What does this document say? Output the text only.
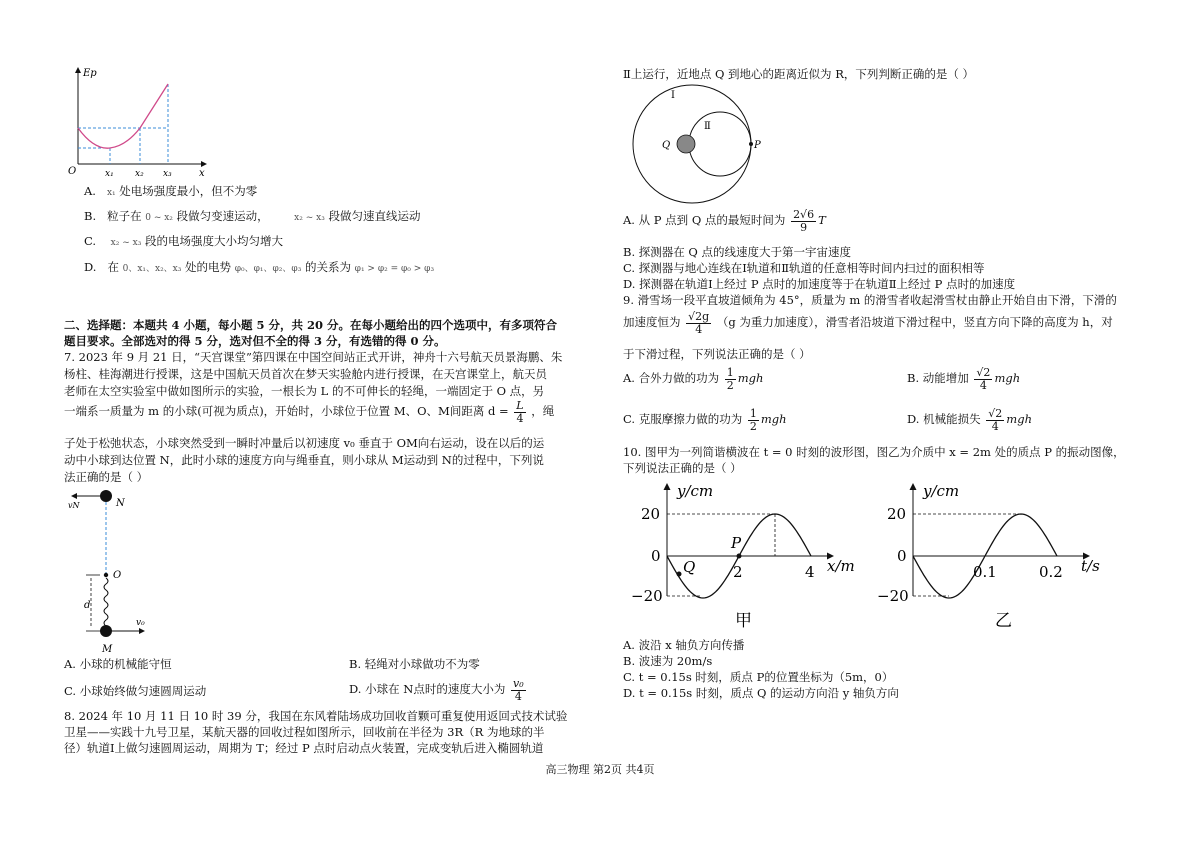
Ep
O	x₁ x₂ x₃	x
A. x₁ 处电场强度最小，但不为零
B. 粒子在 0 ~ x₂ 段做匀变速运动，	x₂ ~ x₃ 段做匀速直线运动
C. x₂ ~ x₃ 段的电场强度大小均匀增大
D. 在 0、x₁、x₂、x₃ 处的电势 φ₀、φ₁、φ₂、φ₃ 的关系为 φ₁ > φ₂ = φ₀ > φ₃

二、选择题：本题共 4 小题，每小题 5 分，共 20 分。在每小题给出的四个选项中，有多项符合

题目要求。全部选对的得 5 分，选对但不全的得 3 分，有选错的得 0 分。

7. 2023 年 9 月 21 日，“天宫课堂”第四课在中国空间站正式开讲，神舟十六号航天员景海鹏、朱

杨柱、桂海潮进行授课，这是中国航天员首次在梦天实验舱内进行授课，在天宫课堂上，航天员

老师在太空实验室中做如图所示的实验，一根长为 L 的不可伸长的轻绳，一端固定于 O 点，另

一端系一质量为 m 的小球(可视为质点)，开始时，小球位于位置 M、O、M间距离 $d = \frac{L}{4}$ ，绳

子处于松弛状态，小球突然受到一瞬时冲量后以初速度 v₀ 垂直于 OM向右运动，设在以后的运

动中小球到达位置 N，此时小球的速度方向与绳垂直，则小球从 M运动到 N的过程中，下列说

法正确的是（ ）

N
vN
O
d
M
v₀
A. 小球的机械能守恒	B. 轻绳对小球做功不为零
C. 小球始终做匀速圆周运动	D. 小球在 N点时的速度大小为 $\frac{\text{v₀}}{4}$

8. 2024 年 10 月 11 日 10 时 39 分，我国在东风着陆场成功回收首颗可重复使用返回式技术试验

卫星——实践十九号卫星，某航天器的回收过程如图所示，回收前在半径为 3R（R 为地球的半

径）轨道Ⅰ上做匀速圆周运动，周期为 T；经过 P 点时启动点火装置，完成变轨后进入椭圆轨道

Ⅱ上运行，近地点 Q 到地心的距离近似为 R，下列判断正确的是（ ）

Ⅰ
Ⅱ
Q	P
A. 从 P 点到 Q 点的最短时间为 $\frac{2√6}{9}$ T
B. 探测器在 Q 点的线速度大于第一宇宙速度
C. 探测器与地心连线在Ⅰ轨道和Ⅱ轨道的任意相等时间内扫过的面积相等
D. 探测器在轨道Ⅰ上经过 P 点时的加速度等于在轨道Ⅱ上经过 P 点时的加速度

9. 滑雪场一段平直坡道倾角为 45°，质量为 m 的滑雪者收起滑雪杖由静止开始自由下滑，下滑的

加速度恒为 $\frac{√2g}{4} (g$ 为重力加速度），滑雪者沿坡道下滑过程中，竖直方向下降的高度为 h，对

于下滑过程，下列说法正确的是（ ）

A. 合外力做的功为 $\frac{1}{2}$ mgh	B. 动能增加 $\frac{√2}{4}$ mgh
C. 克服摩擦力做的功为 $\frac{1}{2}$ mgh	D. 机械能损失 $\frac{√2}{4}$ mgh

10. 图甲为一列简谐横波在 t = 0 时刻的波形图，图乙为介质中 x = 2m 处的质点 P 的振动图像，

下列说法正确的是（ ）

y/cm
20
0
−20
2	4 x/m
P
Q
甲
y/cm
20
0
−20
0.1	0.2 t/s
乙
A. 波沿 x 轴负方向传播
B. 波速为 20m/s
C. t = 0.15s 时刻，质点 P的位置坐标为（5m，0）
D. t = 0.15s 时刻，质点 Q 的运动方向沿 y 轴负方向
高三物理 第2页 共4页
